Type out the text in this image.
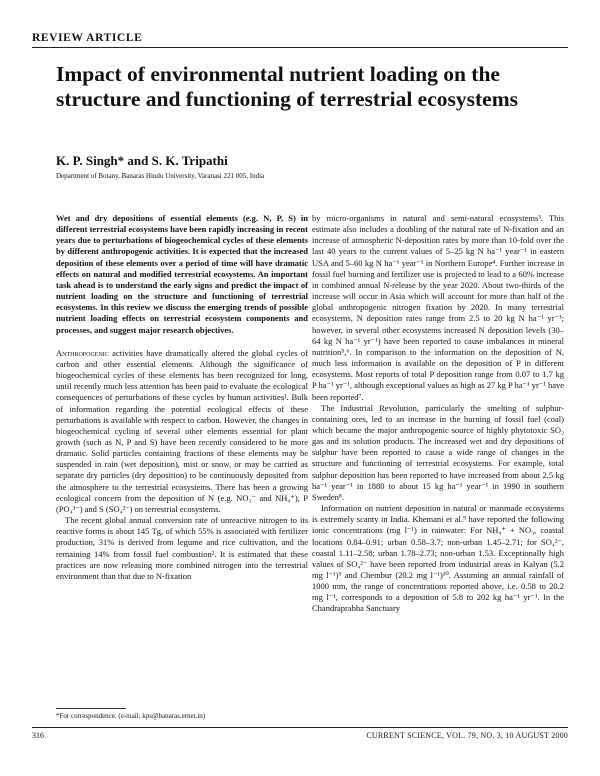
REVIEW ARTICLE
Impact of environmental nutrient loading on the structure and functioning of terrestrial ecosystems

K. P. Singh* and S. K. Tripathi

Department of Botany, Banaras Hindu University, Varanasi 221 005, India

Wet and dry depositions of essential elements (e.g. N, P, S) in different terrestrial ecosystems have been rapidly increasing in recent years due to perturbations of biogeochemical cycles of these elements by different anthropogenic activities. It is expected that the increased deposition of these elements over a period of time will have dramatic effects on natural and modified terrestrial ecosystems. An important task ahead is to understand the early signs and predict the impact of nutrient loading on the structure and functioning of terrestrial ecosystems. In this review we discuss the emerging trends of possible nutrient loading effects on terrestrial ecosystem components and processes, and suggest major research objectives.

Anthropogenic activities have dramatically altered the global cycles of carbon and other essential elements. Although the significance of biogeochemical cycles of these elements has been recognized for long, until recently much less attention has been paid to evaluate the ecological consequences of perturbations of these cycles by human activities¹. Bulk of information regarding the potential ecological effects of these perturbations is available with respect to carbon. However, the changes in biogeochemical cycling of several other elements essential for plant growth (such as N, P and S) have been recently considered to be more dramatic. Solid particles containing fractions of these elements may be suspended in rain (wet deposition), mist or snow, or may be carried as separate dry particles (dry deposition) to be continuously deposited from the atmosphere to the terrestrial ecosystems. There has been a growing ecological concern from the deposition of N (e.g. NO₃⁻ and NH₄⁺), P (PO₄³⁻) and S (SO₄²⁻) on terrestrial ecosystems.

The recent global annual conversion rate of unreactive nitrogen to its reactive forms is about 145 Tg, of which 55% is associated with fertilizer production, 31% is derived from legume and rice cultivation, and the remaining 14% from fossil fuel combustion². It is estimated that these practices are now releasing more combined nitrogen into the terrestrial environment than that due to N-fixation

by micro-organisms in natural and semi-natural ecosystems³. This estimate also includes a doubling of the natural rate of N-fixation and an increase of atmospheric N-deposition rates by more than 10-fold over the last 40 years to the current values of 5–25 kg N ha⁻¹ year⁻¹ in eastern USA and 5–60 kg N ha⁻¹ year⁻¹ in Northern Europe⁴. Further increase in fossil fuel burning and fertilizer use is projected to lead to a 60% increase in combined annual N-release by the year 2020. About two-thirds of the increase will occur in Asia which will account for more than half of the global anthropogenic nitrogen fixation by 2020. In many terrestrial ecosystems, N deposition rates range from 2.5 to 20 kg N ha⁻¹ yr⁻¹; however, in several other ecosystems increased N deposition levels (30–64 kg N ha⁻¹ yr⁻¹) have been reported to cause imbalances in mineral nutrition⁵,⁶. In comparison to the information on the deposition of N, much less information is available on the deposition of P in different ecosystems. Most reports of total P deposition range from 0.07 to 1.7 kg P ha⁻¹ yr⁻¹, although exceptional values as high as 27 kg P ha⁻¹ yr⁻¹ have been reported⁷.

The Industrial Revolution, particularly the smelting of sulphur-containing ores, led to an increase in the burning of fossil fuel (coal) which became the major anthropogenic source of highly phytotoxic SO₂ gas and its solution products. The increased wet and dry depositions of sulphur have been reported to cause a wide range of changes in the structure and functioning of terrestrial ecosystems. For example, total sulphur deposition has been reported to have increased from about 2.5 kg ha⁻¹ year⁻¹ in 1880 to about 15 kg ha⁻¹ year⁻¹ in 1990 in southern Sweden⁸.

Information on nutrient deposition in natural or manmade ecosystems is extremely scanty in India. Khemani et al.⁹ have reported the following ionic concentrations (mg l⁻¹) in rainwater: For NH₄⁺ + NO₃, coastal locations 0.84–0.91; urban 0.58–3.7; non-urban 1.45–2.71; for SO₄²⁻, coastal 1.11–2.58; urban 1.78–2.73; non-urban 1.53. Exceptionally high values of SO₄²⁻ have been reported from industrial areas in Kalyan (5.2 mg l⁻¹)⁹ and Chembur (20.2 mg l⁻¹)¹⁰. Assuming an annual rainfall of 1000 mm, the range of concentrations reported above, i.e. 0.58 to 20.2 mg l⁻¹, corresponds to a deposition of 5.8 to 202 kg ha⁻¹ yr⁻¹. In the Chandraprabha Sanctuary

*For correspondence. (e-mail: kps@banaras.ernet.in)

316	CURRENT SCIENCE, VOL. 79, NO. 3, 10 AUGUST 2000
